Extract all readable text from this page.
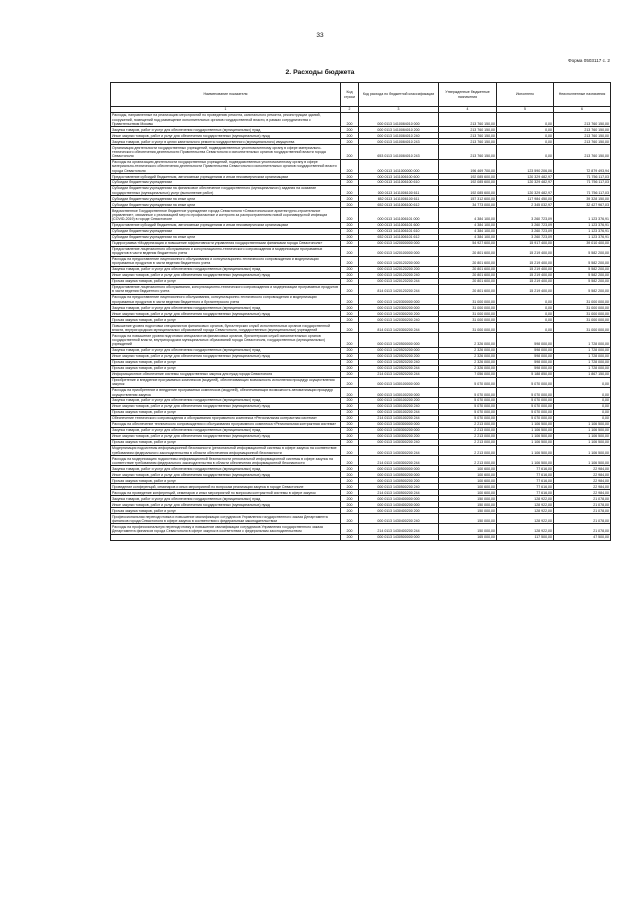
33
Форма 0503117 с. 2
2. Расходы бюджета
Наименование показателя	Код строки	Код расхода по бюджетной классификации	Утвержденные бюджетные назначения	Исполнено	Неисполненные назначения
1	2	3	4	5	6
Расходы, направленные на реализацию мероприятий по проведению ремонта, капитального ремонта, реконструкции зданий, сооружений, помещений под размещение исполнительных органов государственной власти, в рамках сотрудничества с Правительством Москвы	200	000 0113 1410084010 000	213 760 150,00	0,00	213 760 150,00
Закупка товаров, работ и услуг для обеспечения государственных (муниципальных) нужд	200	000 0113 1410084010 200	213 760 150,00	0,00	213 760 150,00
Иные закупки товаров, работ и услуг для обеспечения государственных (муниципальных) нужд	200	000 0113 1410084010 240	213 760 150,00	0,00	213 760 150,00
Закупка товаров, работ и услуг в целях капитального ремонта государственного (муниципального) имущества	200	000 0113 1410084010 243	213 760 150,00	0,00	213 760 150,00
Организация деятельности государственных учреждений, подведомственных уполномоченному органу в сфере материально-технического обеспечения деятельности Правительства Севастополя и исполнительных органов государственной власти города Севастополя	200	653 0113 1410084010 243	213 760 150,00	0,00	213 760 150,00
Расходы на организацию деятельности государственных учреждений, подведомственных уполномоченному органу в сфере материально-технического обеспечения деятельности Правительства Севастополя и исполнительных органов государственной власти города Севастополя	200	000 0113 1411000000 000	196 469 700,00	123 590 206,06	72 879 493,94
Предоставление субсидий бюджетным, автономным учреждениям и иным некоммерческим организациям	200	000 0113 1411006100 600	192 085 600,00	120 329 482,97	71 756 117,03
Субсидии бюджетным учреждениям	200	000 0113 1411006100 610	192 085 600,00	120 329 482,97	71 756 117,03
Субсидии бюджетным учреждениям на финансовое обеспечение государственного (муниципального) задания на оказание государственных (муниципальных) услуг (выполнение работ)	200	000 0113 1411006100 611	192 085 600,00	120 329 482,97	71 756 117,03
Субсидии бюджетным учреждениям на иные цели	200	652 0113 1411006100 611	157 312 600,00	117 984 450,00	39 328 150,00
Субсидии бюджетным учреждениям на иные цели	200	652 0113 1411006100 612	34 773 000,00	2 345 032,97	32 427 967,03
Ведомственное Государственное бюджетное учреждение города Севастополя «Севастопольское архитектурно-строительное управление», связанные с реализацией мер по профилактике и контролю за распространением новой коронавирусной инфекции (COVID-2019) в городе Севастополе	200	000 0113 1411006101 000	4 384 100,00	3 260 723,09	1 123 376,91
Предоставление субсидий бюджетным, автономным учреждениям и иным некоммерческим организациям	200	000 0113 1411006101 600	4 384 100,00	3 260 723,09	1 123 376,91
Субсидии бюджетным учреждениям	200	000 0113 1411006101 610	4 384 100,00	3 260 723,09	1 123 376,91
Субсидии бюджетным учреждениям на иные цели	200	652 0113 1411006101 612	4 384 100,00	3 260 723,09	1 123 376,91
Подпрограмма «Модернизация и повышение эффективности управления государственными финансами города Севастополя»	200	000 0113 1420000000 000	54 927 600,00	15 917 400,00	39 010 400,00
Предоставление лицензионного обслуживания и консультационно-технического сопровождения и модернизации программных продуктов в части ведения бюджетного учета	200	000 0113 1420100000 000	20 801 600,00	15 219 400,00	5 582 200,00
Расходы на предоставление лицензионного обслуживания и консультационно-технического сопровождения и модернизации программных продуктов в части ведения бюджетного учета	200	000 0113 1420120200 000	20 801 600,00	15 219 400,00	5 582 200,00
Закупка товаров, работ и услуг для обеспечения государственных (муниципальных) нужд	200	000 0113 1420120200 200	20 801 600,00	15 219 400,00	5 582 200,00
Иные закупки товаров, работ и услуг для обеспечения государственных (муниципальных) нужд	200	000 0113 1420120200 240	20 801 600,00	15 219 400,00	5 582 200,00
Прочая закупка товаров, работ и услуг	200	000 0113 1420120200 244	20 801 600,00	15 219 400,00	5 582 200,00
Предоставление лицензионного обслуживания, консультационно-технического сопровождения и модернизации программных продуктов в части ведения бюджетного учета	200	814 0113 1420120200 244	20 801 600,00	15 219 400,00	5 582 200,00
Расходы на предоставление лицензионного обслуживания, консультационно-технического сопровождения и модернизации программных продуктов в части ведения бюджетного и бухгалтерского учета	200	000 0113 1420300000 000	31 000 000,00	0,00	31 000 000,00
Закупка товаров, работ и услуг для обеспечения государственных (муниципальных) нужд	200	000 0113 1420300200 000	31 000 000,00	0,00	31 000 000,00
Иные закупки товаров, работ и услуг для обеспечения государственных (муниципальных) нужд	200	000 0113 1420300200 200	31 000 000,00	0,00	31 000 000,00
Прочая закупка товаров, работ и услуг	200	000 0113 1420300200 240	31 000 000,00	0,00	31 000 000,00
Повышение уровня подготовки специалистов финансовых органов, бухгалтерских служб исполнительных органов государственной власти, внутригородских муниципальных образований города Севастополя, государственных (муниципальных) учреждений	200	814 0113 1420300200 244	31 000 000,00	0,00	31 000 000,00
Расходы на повышение уровня подготовки специалистов финансовых органов, бухгалтерских служб исполнительных органов государственной власти, внутригородских муниципальных образований города Севастополя, государственных (муниципальных) учреждений	200	000 0113 1420500000 000	2 326 000,00	598 000,00	1 728 000,00
Закупка товаров, работ и услуг для обеспечения государственных (муниципальных) нужд	200	000 0113 1420520200 000	2 326 000,00	598 000,00	1 728 000,00
Иные закупки товаров, работ и услуг для обеспечения государственных (муниципальных) нужд	200	000 0113 1420520200 200	2 326 000,00	598 000,00	1 728 000,00
Прочая закупка товаров, работ и услуг	200	000 0113 1420520200 240	2 326 000,00	598 000,00	1 728 000,00
Прочая закупка товаров, работ и услуг	200	000 0113 1420520200 244	2 326 000,00	598 000,00	1 728 000,00
Информационное обеспечение системы государственных закупок для нужд города Севастополя	200	214 0113 1420520200 244	7 056 000,00	5 188 850,00	1 867 150,00
Приобретение и внедрение программных комплексов (модулей), обеспечивающих возможность исполнения процедур осуществления закупок	200	000 0113 1430100000 000	5 070 000,00	5 070 000,00	0,00
Расходы на приобретение и внедрение программных комплексов (модулей), обеспечивающих возможность автоматизации процедур осуществления закупок	200	000 0113 1430100200 000	5 070 000,00	5 070 000,00	0,00
Закупка товаров, работ и услуг для обеспечения государственных (муниципальных) нужд	200	000 0113 1430100200 200	5 070 000,00	5 070 000,00	0,00
Иные закупки товаров, работ и услуг для обеспечения государственных (муниципальных) нужд	200	000 0113 1430100200 240	5 070 000,00	5 070 000,00	0,00
Прочая закупка товаров, работ и услуг	200	000 0113 1430100200 244	5 070 000,00	5 070 000,00	0,00
Обеспечение технического сопровождения и обслуживания программного комплекса «Региональная контрактная система»	200	214 0113 1430100200 244	5 070 000,00	5 070 000,00	0,00
Расходы на обеспечение технического сопровождения и обслуживания программного комплекса «Региональная контрактная система»	200	000 0113 1430300000 000	2 213 000,00	1 106 500,00	1 106 500,00
Закупка товаров, работ и услуг для обеспечения государственных (муниципальных) нужд	200	000 0113 1430300200 000	2 213 000,00	1 106 500,00	1 106 500,00
Иные закупки товаров, работ и услуг для обеспечения государственных (муниципальных) нужд	200	000 0113 1430300200 200	2 213 000,00	1 106 500,00	1 106 500,00
Прочая закупка товаров, работ и услуг	200	000 0113 1430300200 240	2 213 000,00	1 106 500,00	1 106 500,00
Модернизация подсистемы информационной безопасности (региональной информационной системы в сфере закупок на соответствие требованиям федерального законодательства в области обеспечения информационной безопасности	200	000 0113 1430300200 244	2 213 000,00	1 106 500,00	1 106 500,00
Расходы на модернизацию подсистемы информационной безопасности региональной информационной системы в сфере закупок на соответствие требованиям федерального законодательства в области обеспечения информационной безопасности	200	214 0113 1430300200 244	2 213 000,00	1 106 500,00	1 106 500,00
Закупка товаров, работ и услуг для обеспечения государственных (муниципальных) нужд	200	000 0113 1430500000 000	100 600,00	77 616,00	22 984,00
Иные закупки товаров, работ и услуг для обеспечения государственных (муниципальных) нужд	200	000 0113 1430500200 000	100 600,00	77 616,00	22 984,00
Прочая закупка товаров, работ и услуг	200	000 0113 1430500200 200	100 600,00	77 616,00	22 984,00
Проведение конференций, семинаров и иных мероприятий по вопросам реализации закупок в городе Севастополе	200	000 0113 1430500200 240	100 600,00	77 616,00	22 984,00
Расходы на проведение конференций, семинаров и иных мероприятий по вопросам контрактной системы в сфере закупок	200	214 0113 1430500200 244	100 600,00	77 616,00	22 984,00
Закупка товаров, работ и услуг для обеспечения государственных (муниципальных) нужд	200	000 0113 1430400000 000	150 000,00	128 922,00	21 078,00
Иные закупки товаров, работ и услуг для обеспечения государственных (муниципальных) нужд	200	000 0113 1430400200 000	150 000,00	128 922,00	21 078,00
Прочая закупка товаров, работ и услуг	200	000 0113 1430400200 200	150 000,00	128 922,00	21 078,00
Профессиональная переподготовка и повышение квалификации сотрудников Управления государственного заказа Департамента финансов города Севастополя в сфере закупок в соответствии с федеральным законодательством	200	000 0113 1430400200 240	150 000,00	128 922,00	21 078,00
Расходы на профессиональную переподготовку и повышение квалификации сотрудников Управления государственного заказа Департамента финансов города Севастополя в сфере закупок в соответствии с федеральным законодательством	200	214 0113 1430400200 244	150 000,00	128 922,00	21 078,00
	200	000 0113 1430500000 000	165 000,00	117 500,00	47 500,00
